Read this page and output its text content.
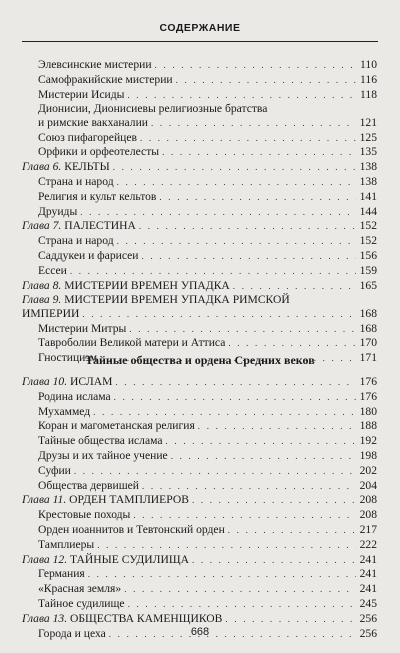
СОДЕРЖАНИЕ
Элевсинские мистерии . . .	110
Самофракийские мистерии . . .	116
Мистерии Исиды . . .	118
Дионисии, Дионисиевы религиозные братства
и римские вакханалии . . .	121
Союз пифагорейцев . . .	125
Орфики и орфеотелесты . . .	135
Глава 6. КЕЛЬТЫ . . .	138
Страна и народ . . .	138
Религия и культ кельтов . . .	141
Друиды . . .	144
Глава 7. ПАЛЕСТИНА . . .	152
Страна и народ . . .	152
Саддукеи и фарисеи . . .	156
Ессеи . . .	159
Глава 8. МИСТЕРИИ ВРЕМЕН УПАДКА . . .	165
Глава 9. МИСТЕРИИ ВРЕМЕН УПАДКА РИМСКОЙ
ИМПЕРИИ . . .	168
Мистерии Митры . . .	168
Тавроболии Великой матери и Аттиса . . .	170
Гностицизм . . .	171
Тайные общества и ордена Средних веков
Глава 10. ИСЛАМ . . .	176
Родина ислама . . .	176
Мухаммед . . .	180
Коран и магометанская религия . . .	188
Тайные общества ислама . . .	192
Друзы и их тайное учение . . .	198
Суфии . . .	202
Общества дервишей . . .	204
Глава 11. ОРДЕН ТАМПЛИЕРОВ . . .	208
Крестовые походы . . .	208
Орден иоаннитов и Тевтонский орден . . .	217
Тамплиеры . . .	222
Глава 12. ТАЙНЫЕ СУДИЛИЩА . . .	241
Германия . . .	241
«Красная земля» . . .	241
Тайное судилище . . .	245
Глава 13. ОБЩЕСТВА КАМЕНЩИКОВ . . .	256
Города и цеха . . .	256
668
